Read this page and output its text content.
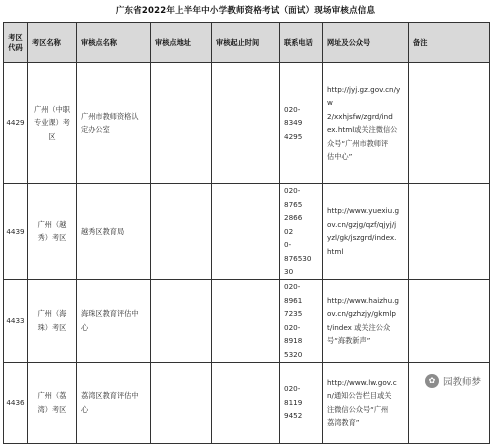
广东省2022年上半年中小学教师资格考试（面试）现场审核点信息
考区
代码	考区名称	审核点名称	审核点地址	审核起止时间	联系电话	网址及公众号	备注
4429	广州（中职
专业课）考
区	广州市教师资格认
定办公室			020-8349
4295	http://jyj.gz.gov.cn/yw
2/xxhjsfw/zgrd/ind
ex.html或关注微信公
众号“广州市教师评
估中心”	

4439	广州（越
秀）考区	越秀区教育局			020-8765
2866　02
0-876530
30	http://www.yuexiu.g
ov.cn/gzjg/qzf/qjyj/j
yzl/gk/jszgrd/index.
html	

4433	广州（海
珠）考区	海珠区教育评估中
心			020-8961
7235
020-8918
5320	http://www.haizhu.g
ov.cn/gzhzjy/gkmlp
t/index 或关注公众
号“海教新声”	

4436	广州（荔
湾）考区	荔湾区教育评估中
心			020-8119
9452	http://www.lw.gov.c
n/通知公告栏目或关
注微信公众号“广州
荔湾教育”	

✿ 园教师梦
